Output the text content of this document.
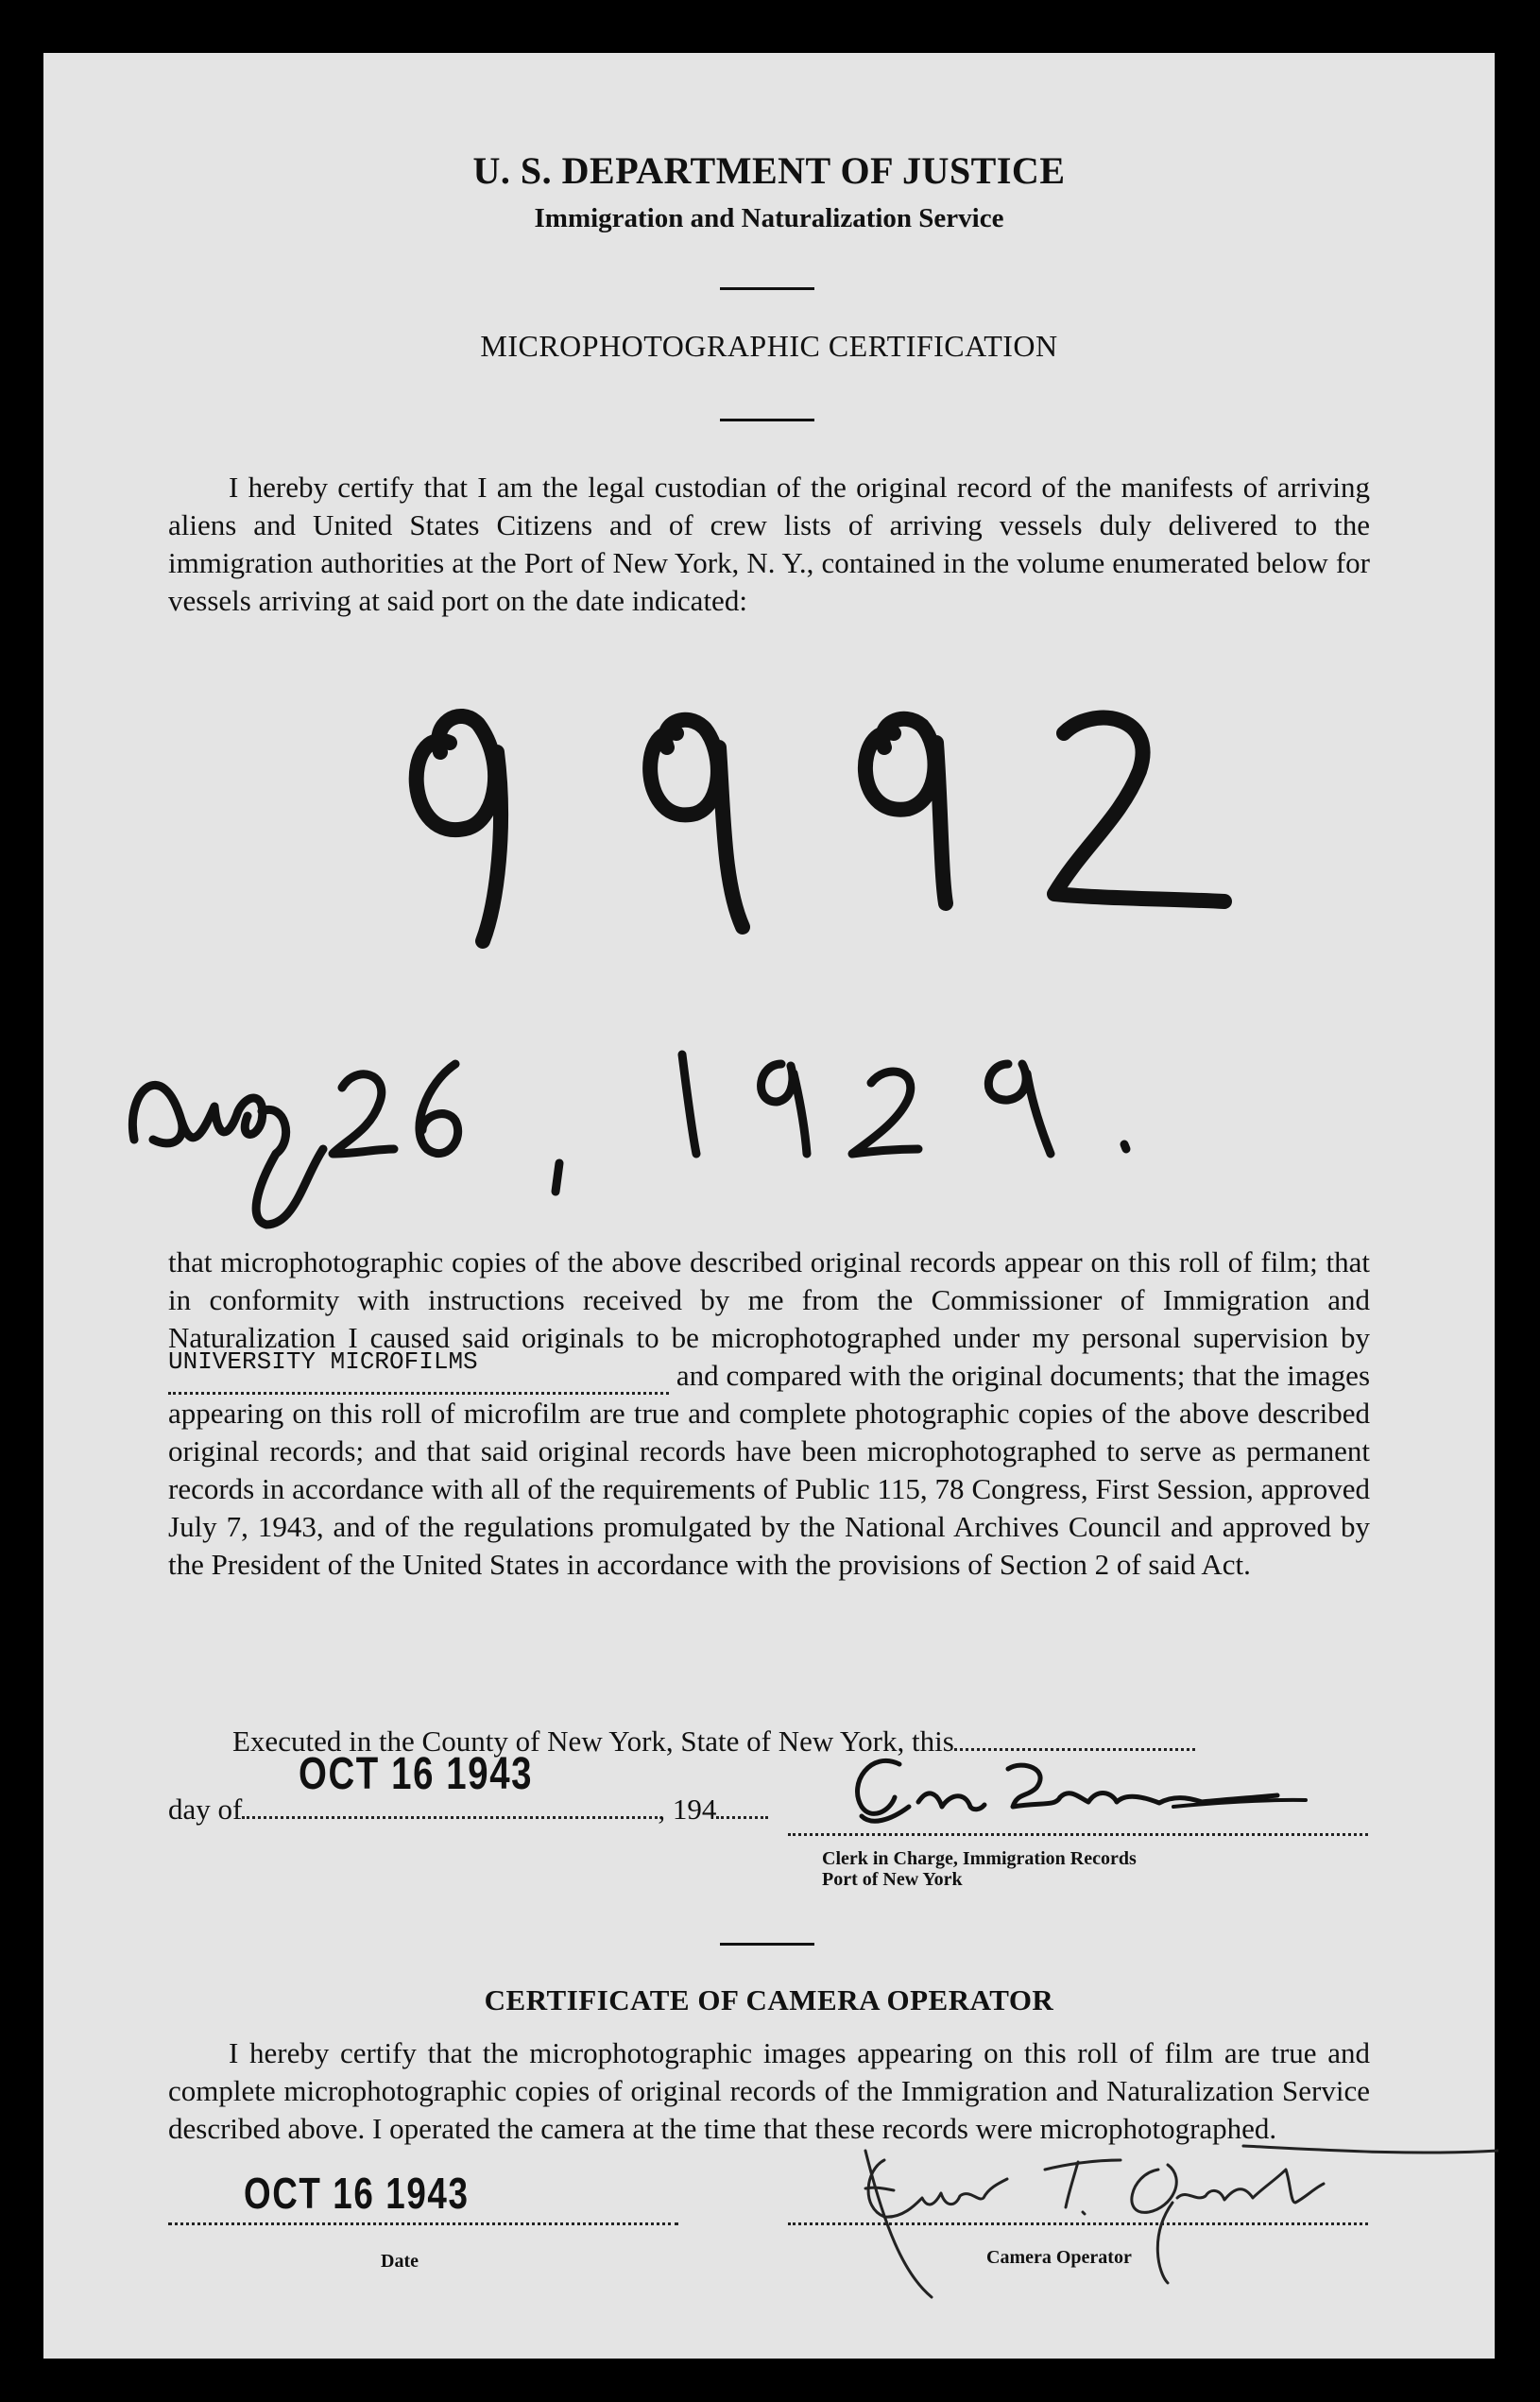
U. S. DEPARTMENT OF JUSTICE
Immigration and Naturalization Service
MICROPHOTOGRAPHIC CERTIFICATION
I hereby certify that I am the legal custodian of the original record of the manifests of arriving aliens and United States Citizens and of crew lists of arriving vessels duly delivered to the immigration authorities at the Port of New York, N. Y., contained in the volume enumerated below for vessels arriving at said port on the date indicated:
that microphotographic copies of the above described original records appear on this roll of film; that in conformity with instructions received by me from the Commissioner of Immigration and Naturalization I caused said originals to be microphotographed under my personal supervision by
UNIVERSITY MICROFILMS	and compared with the original documents; that the images appearing on this roll of microfilm are true and complete photographic copies of the above described original records; and that said original records have been microphotographed to serve as permanent records in accordance with all of the requirements of Public 115, 78 Congress, First Session, approved July 7, 1943, and of the regulations promulgated by the National Archives Council and approved by the President of the United States in accordance with the provisions of Section 2 of said Act.
Executed in the County of New York, State of New York, this
day of
OCT 16 1943
, 194
Clerk in Charge, Immigration Records
Port of New York
CERTIFICATE OF CAMERA OPERATOR
I hereby certify that the microphotographic images appearing on this roll of film are true and complete microphotographic copies of original records of the Immigration and Naturalization Service described above. I operated the camera at the time that these records were microphotographed.
OCT 16 1943
Date	Camera Operator
